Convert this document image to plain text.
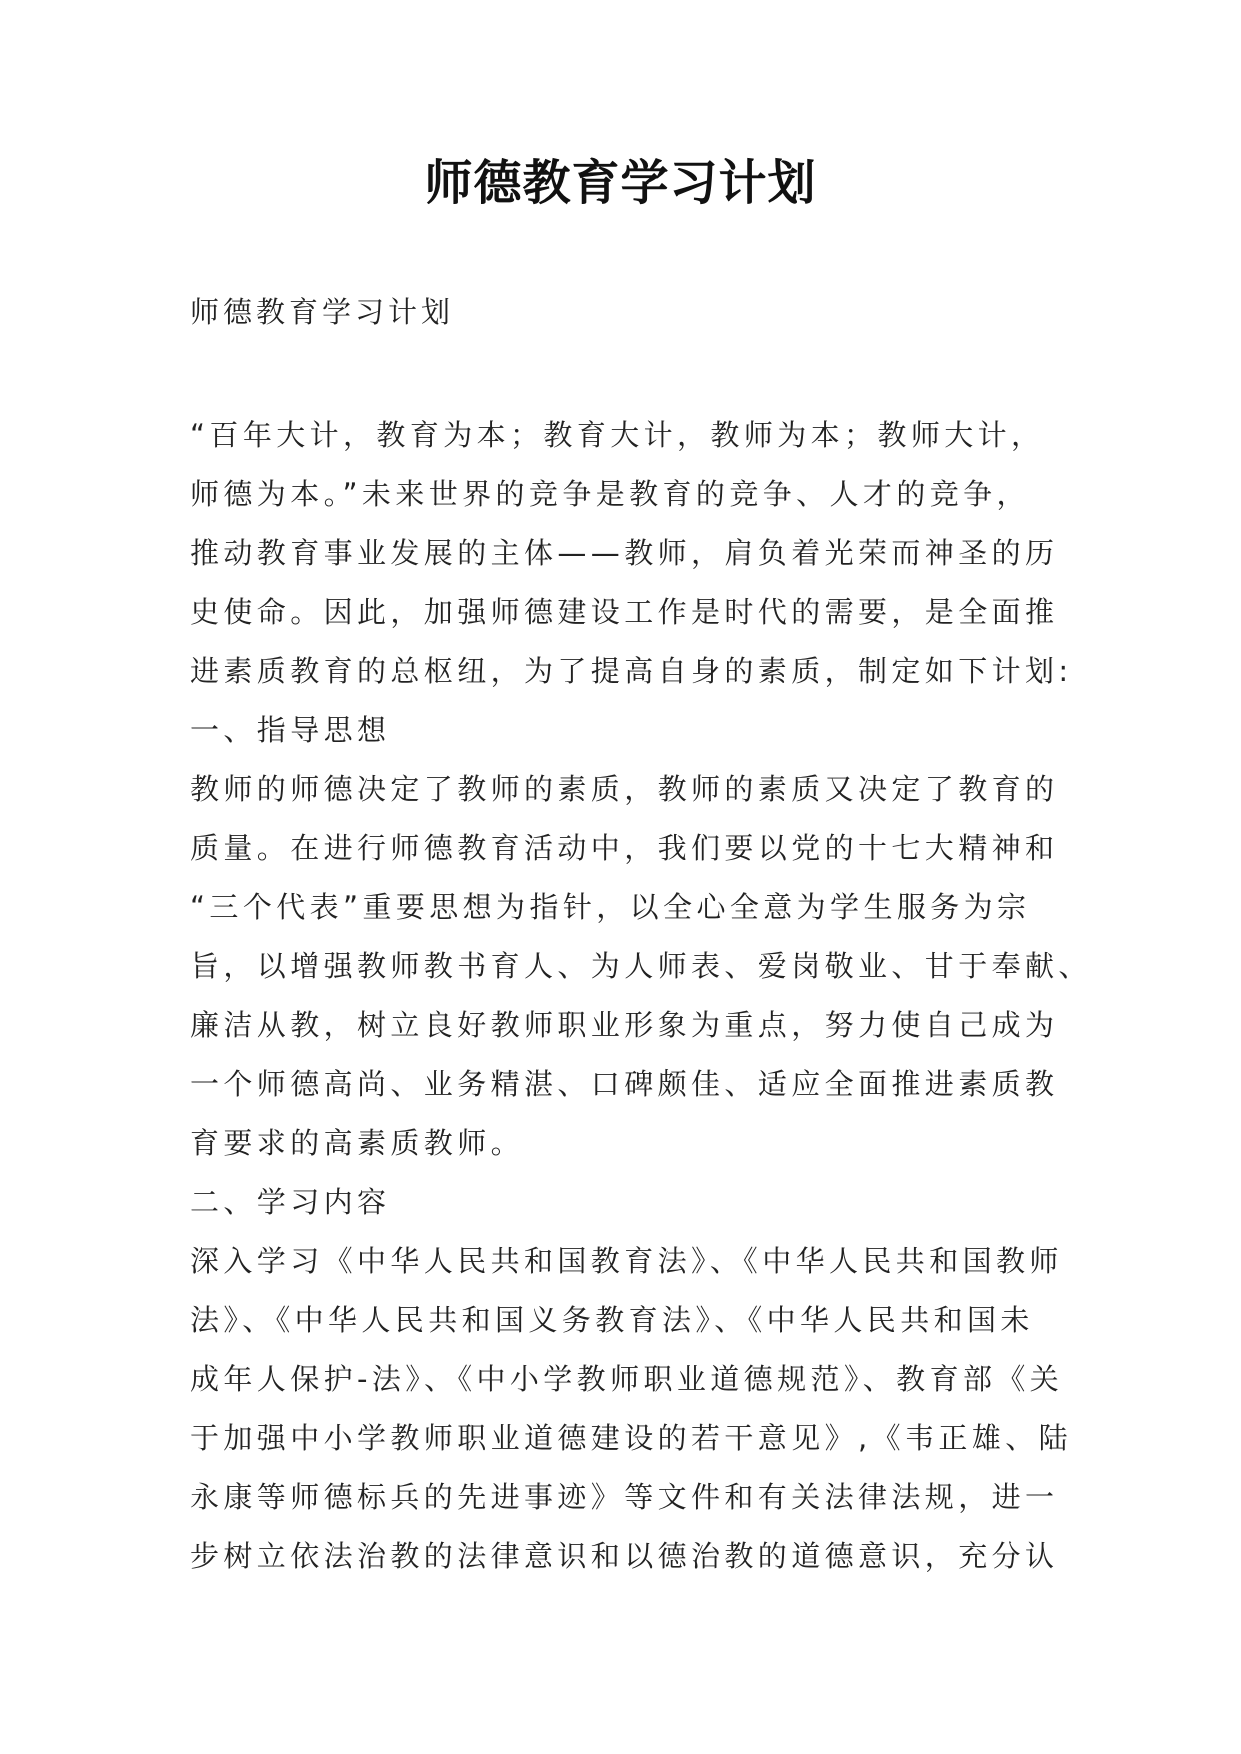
师德教育学习计划
师德教育学习计划
“百年大计，教育为本；教育大计，教师为本；教师大计，
师德为本。”未来世界的竞争是教育的竞争、人才的竞争，
推动教育事业发展的主体——教师，肩负着光荣而神圣的历
史使命。因此，加强师德建设工作是时代的需要，是全面推
进素质教育的总枢纽，为了提高自身的素质，制定如下计划:
一、指导思想
教师的师德决定了教师的素质，教师的素质又决定了教育的
质量。在进行师德教育活动中，我们要以党的十七大精神和
“三个代表”重要思想为指针，以全心全意为学生服务为宗
旨，以增强教师教书育人、为人师表、爱岗敬业、甘于奉献、
廉洁从教，树立良好教师职业形象为重点，努力使自己成为
一个师德高尚、业务精湛、口碑颇佳、适应全面推进素质教
育要求的高素质教师。
二、学习内容
深入学习《中华人民共和国教育法》、《中华人民共和国教师
法》、《中华人民共和国义务教育法》、《中华人民共和国未
成年人保护-法》、《中小学教师职业道德规范》、教育部《关
于加强中小学教师职业道德建设的若干意见》,《韦正雄、陆
永康等师德标兵的先进事迹》等文件和有关法律法规，进一
步树立依法治教的法律意识和以德治教的道德意识，充分认
